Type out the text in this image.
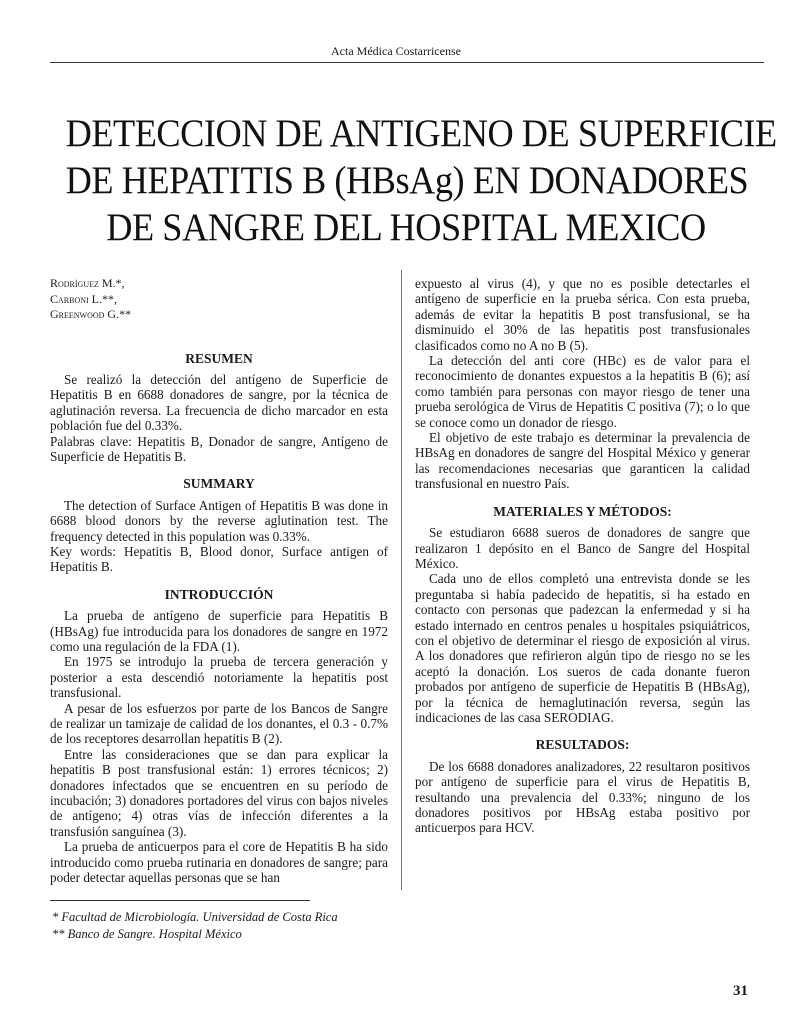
Acta Médica Costarricense
DETECCION DE ANTIGENO DE SUPERFICIE
DE HEPATITIS B (HBsAg) EN DONADORES
DE SANGRE DEL HOSPITAL MEXICO
Rodríguez M.*,
Carboni L.**,
Greenwood G.**
RESUMEN

Se realizó la detección del antígeno de Superficie de Hepatitis B en 6688 donadores de sangre, por la técnica de aglutinación reversa. La frecuencia de dicho marcador en esta población fue del 0.33%.

Palabras clave: Hepatitis B, Donador de sangre, Antígeno de Superficie de Hepatitis B.

SUMMARY

The detection of Surface Antigen of Hepatitis B was done in 6688 blood donors by the reverse aglutination test. The frequency detected in this population was 0.33%.

Key words: Hepatitis B, Blood donor, Surface antigen of Hepatitis B.

INTRODUCCIÓN

La prueba de antígeno de superficie para Hepatitis B (HBsAg) fue introducida para los donadores de sangre en 1972 como una regulación de la FDA (1).

En 1975 se introdujo la prueba de tercera generación y posterior a esta descendió notoriamente la hepatitis post transfusional.

A pesar de los esfuerzos por parte de los Bancos de Sangre de realizar un tamizaje de calidad de los donantes, el 0.3 - 0.7% de los receptores desarrollan hepatitis B (2).

Entre las consideraciones que se dan para explicar la hepatitis B post transfusional están: 1) errores técnicos; 2) donadores infectados que se encuentren en su período de incubación; 3) donadores portadores del virus con bajos niveles de antígeno; 4) otras vías de infección diferentes a la transfusión sanguínea (3).

La prueba de anticuerpos para el core de Hepatitis B ha sido introducido como prueba rutinaria en donadores de sangre; para poder detectar aquellas personas que se han

expuesto al virus (4), y que no es posible detectarles el antígeno de superficie en la prueba sérica. Con esta prueba, además de evitar la hepatitis B post transfusional, se ha disminuido el 30% de las hepatitis post transfusionales clasificados como no A no B (5).

La detección del anti core (HBc) es de valor para el reconocimiento de donantes expuestos a la hepatitis B (6); así como también para personas con mayor riesgo de tener una prueba serológica de Virus de Hepatitis C positiva (7); o lo que se conoce como un donador de riesgo.

El objetivo de este trabajo es determinar la prevalencia de HBsAg en donadores de sangre del Hospital México y generar las recomendaciones necesarias que garanticen la calidad transfusional en nuestro País.

MATERIALES Y MÉTODOS:

Se estudiaron 6688 sueros de donadores de sangre que realizaron 1 depósito en el Banco de Sangre del Hospital México.

Cada uno de ellos completó una entrevista donde se les preguntaba si había padecido de hepatitis, si ha estado en contacto con personas que padezcan la enfermedad y si ha estado internado en centros penales u hospitales psiquiátricos, con el objetivo de determinar el riesgo de exposición al virus. A los donadores que refirieron algún tipo de riesgo no se les aceptó la donación. Los sueros de cada donante fueron probados por antígeno de superficie de Hepatitis B (HBsAg), por la técnica de hemaglutinación reversa, según las indicaciones de las casa SERODIAG.

RESULTADOS:

De los 6688 donadores analizadores, 22 resultaron positivos por antígeno de superficie para el virus de Hepatitis B, resultando una prevalencia del 0.33%; ninguno de los donadores positivos por HBsAg estaba positivo por anticuerpos para HCV.

* Facultad de Microbiología. Universidad de Costa Rica
** Banco de Sangre. Hospital México
31
